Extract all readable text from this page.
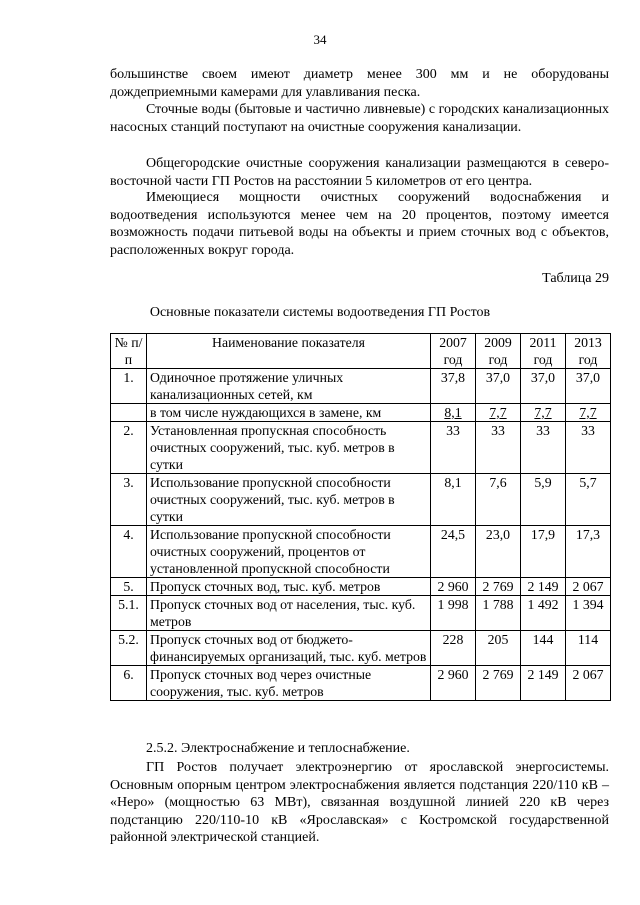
34

большинстве своем имеют диаметр менее 300 мм и не оборудованы дождеприемными камерами для улавливания песка.

Сточные воды (бытовые и частично ливневые) с городских канализационных насосных станций поступают на очистные сооружения канализации.

Общегородские очистные сооружения канализации размещаются в северо-восточной части ГП Ростов на расстоянии 5 километров от его центра.

Имеющиеся мощности очистных сооружений водоснабжения и водоотведения используются менее чем на 20 процентов, поэтому имеется возможность подачи питьевой воды на объекты и прием сточных вод с объектов, расположенных вокруг города.

Таблица 29
Основные показатели системы водоотведения ГП Ростов
№ п/п	Наименование показателя	2007 год	2009 год	2011 год	2013 год
1.	Одиночное протяжение уличных канализационных сетей, км	37,8	37,0	37,0	37,0
	в том числе нуждающихся в замене, км	8,1	7,7	7,7	7,7
2.	Установленная пропускная способность очистных сооружений, тыс. куб. метров в сутки	33	33	33	33
3.	Использование пропускной способности очистных сооружений, тыс. куб. метров в сутки	8,1	7,6	5,9	5,7
4.	Использование пропускной способности очистных сооружений, процентов от установленной пропускной способности	24,5	23,0	17,9	17,3
5.	Пропуск сточных вод, тыс. куб. метров	2 960	2 769	2 149	2 067
5.1.	Пропуск сточных вод от населения, тыс. куб. метров	1 998	1 788	1 492	1 394
5.2.	Пропуск сточных вод от бюджето-финансируемых организаций, тыс. куб. метров	228	205	144	114
6.	Пропуск сточных вод через очистные сооружения, тыс. куб. метров	2 960	2 769	2 149	2 067
2.5.2. Электроснабжение и теплоснабжение.

ГП Ростов получает электроэнергию от ярославской энергосистемы. Основным опорным центром электроснабжения является подстанция 220/110 кВ – «Неро» (мощностью 63 МВт), связанная воздушной линией 220 кВ через подстанцию 220/110-10 кВ «Ярославская» с Костромской государственной районной электрической станцией.
